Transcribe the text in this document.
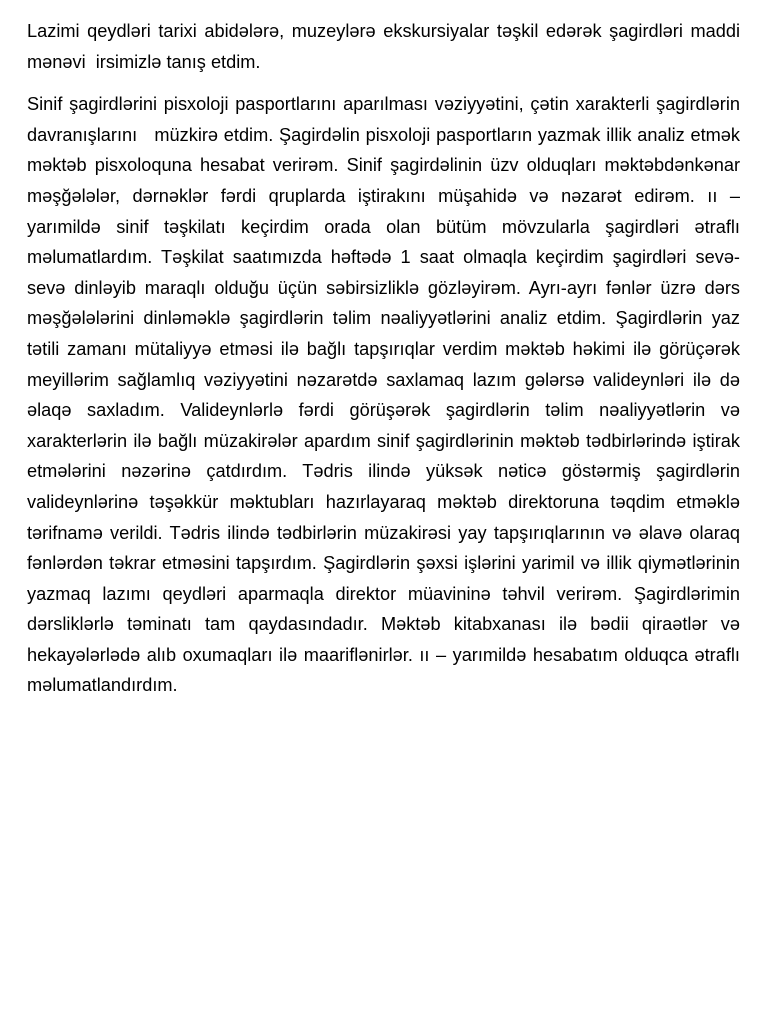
Lazimi qeydləri tarixi abidələrə, muzeylərə ekskursiyalar təşkil edərək şagirdləri maddi mənəvi  irsimizlə tanış etdim.

Sinif şagirdlərini pisxoloji pasportlarını aparılması vəziyyətini, çətin xarakterli şagirdlərin davranışlarını   müzkirə etdim. Şagirdəlin pisxoloji pasportların yazmak illik analiz etmək məktəb pisxoloquna hesabat verirəm. Sinif şagirdəlinin üzv olduqları məktəbdənkənar məşğələlər, dərnəklər fərdi qruplarda iştirakını müşahidə və nəzarət edirəm. ıı – yarımildə sinif təşkilatı keçirdim orada olan bütüm mövzularla şagirdləri ətraflı məlumatlardım. Təşkilat saatımızda həftədə 1 saat olmaqla keçirdim şagirdləri sevə-sevə dinləyib maraqlı olduğu üçün səbirsizliklə gözləyirəm. Ayrı-ayrı fənlər üzrə dərs məşğələlərini dinləməklə şagirdlərin təlim nəaliyyətlərini analiz etdim. Şagirdlərin yaz tətili zamanı mütaliyyə etməsi ilə bağlı tapşırıqlar verdim məktəb həkimi ilə görüçərək meyillərim sağlamlıq vəziyyətini nəzarətdə saxlamaq lazım gələrsə valideynləri ilə də əlaqə saxladım. Valideynlərlə fərdi görüşərək şagirdlərin təlim nəaliyyətlərin və xarakterlərin ilə bağlı müzakirələr apardım sinif şagirdlərinin məktəb tədbirlərində iştirak etmələrini nəzərinə çatdırdım. Tədris ilində yüksək nəticə göstərmiş şagirdlərin valideynlərinə təşəkkür məktubları hazırlayaraq məktəb direktoruna təqdim etməklə tərifnamə verildi. Tədris ilində tədbirlərin müzakirəsi yay tapşırıqlarının və əlavə olaraq fənlərdən təkrar etməsini tapşırdım. Şagirdlərin şəxsi işlərini yarimil və illik qiymətlərinin yazmaq lazımı qeydləri aparmaqla direktor müavininə təhvil verirəm. Şagirdlərimin dərsliklərlə təminatı tam qaydasındadır. Məktəb kitabxanası ilə bədii qiraətlər və hekayələrlədə alıb oxumaqları ilə maariflənirlər. ıı – yarımildə hesabatım olduqca ətraflı məlumatlandırdım.
